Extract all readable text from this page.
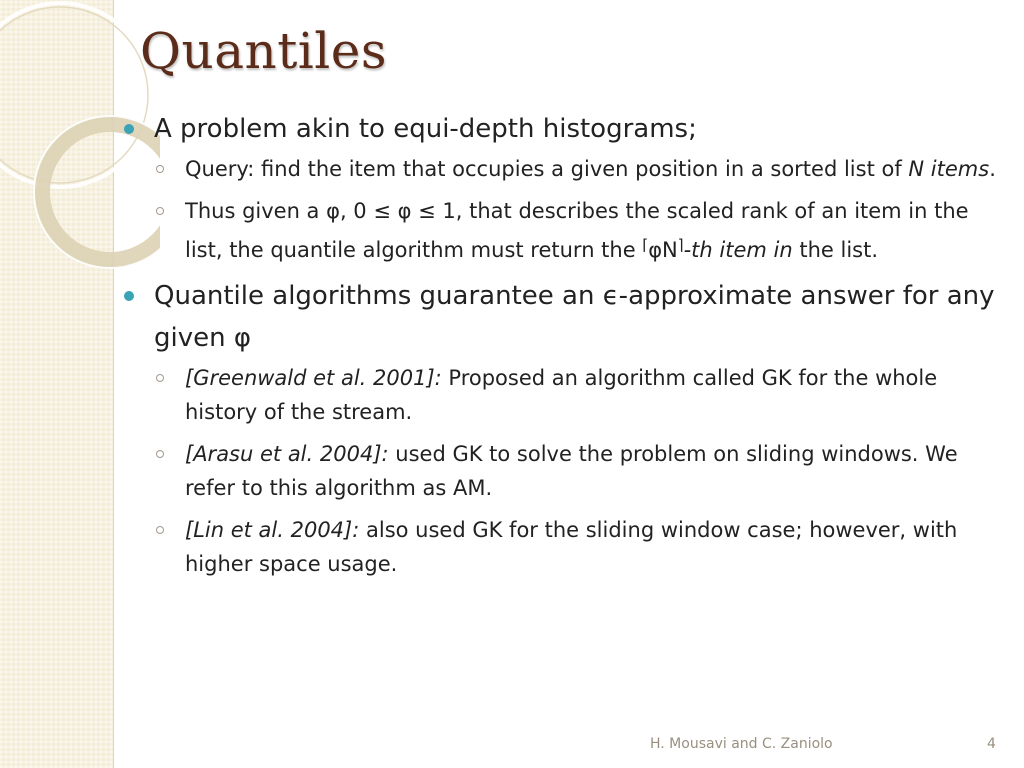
Quantiles
A problem akin to equi-depth histograms;
Query: find the item that occupies a given position in a sorted list of N items.
Thus given a φ, 0 ≤ φ ≤ 1, that describes the scaled rank of an item in the list, the quantile algorithm must return the ⌈φN⌉-th item in the list.
Quantile algorithms guarantee an ϵ-approximate answer for any given φ
[Greenwald et al. 2001]: Proposed an algorithm called GK for the whole history of the stream.
[Arasu et al. 2004]: used GK to solve the problem on sliding windows. We refer to this algorithm as AM.
[Lin et al. 2004]: also used GK for the sliding window case; however, with higher space usage.
H. Mousavi and C. Zaniolo	4
